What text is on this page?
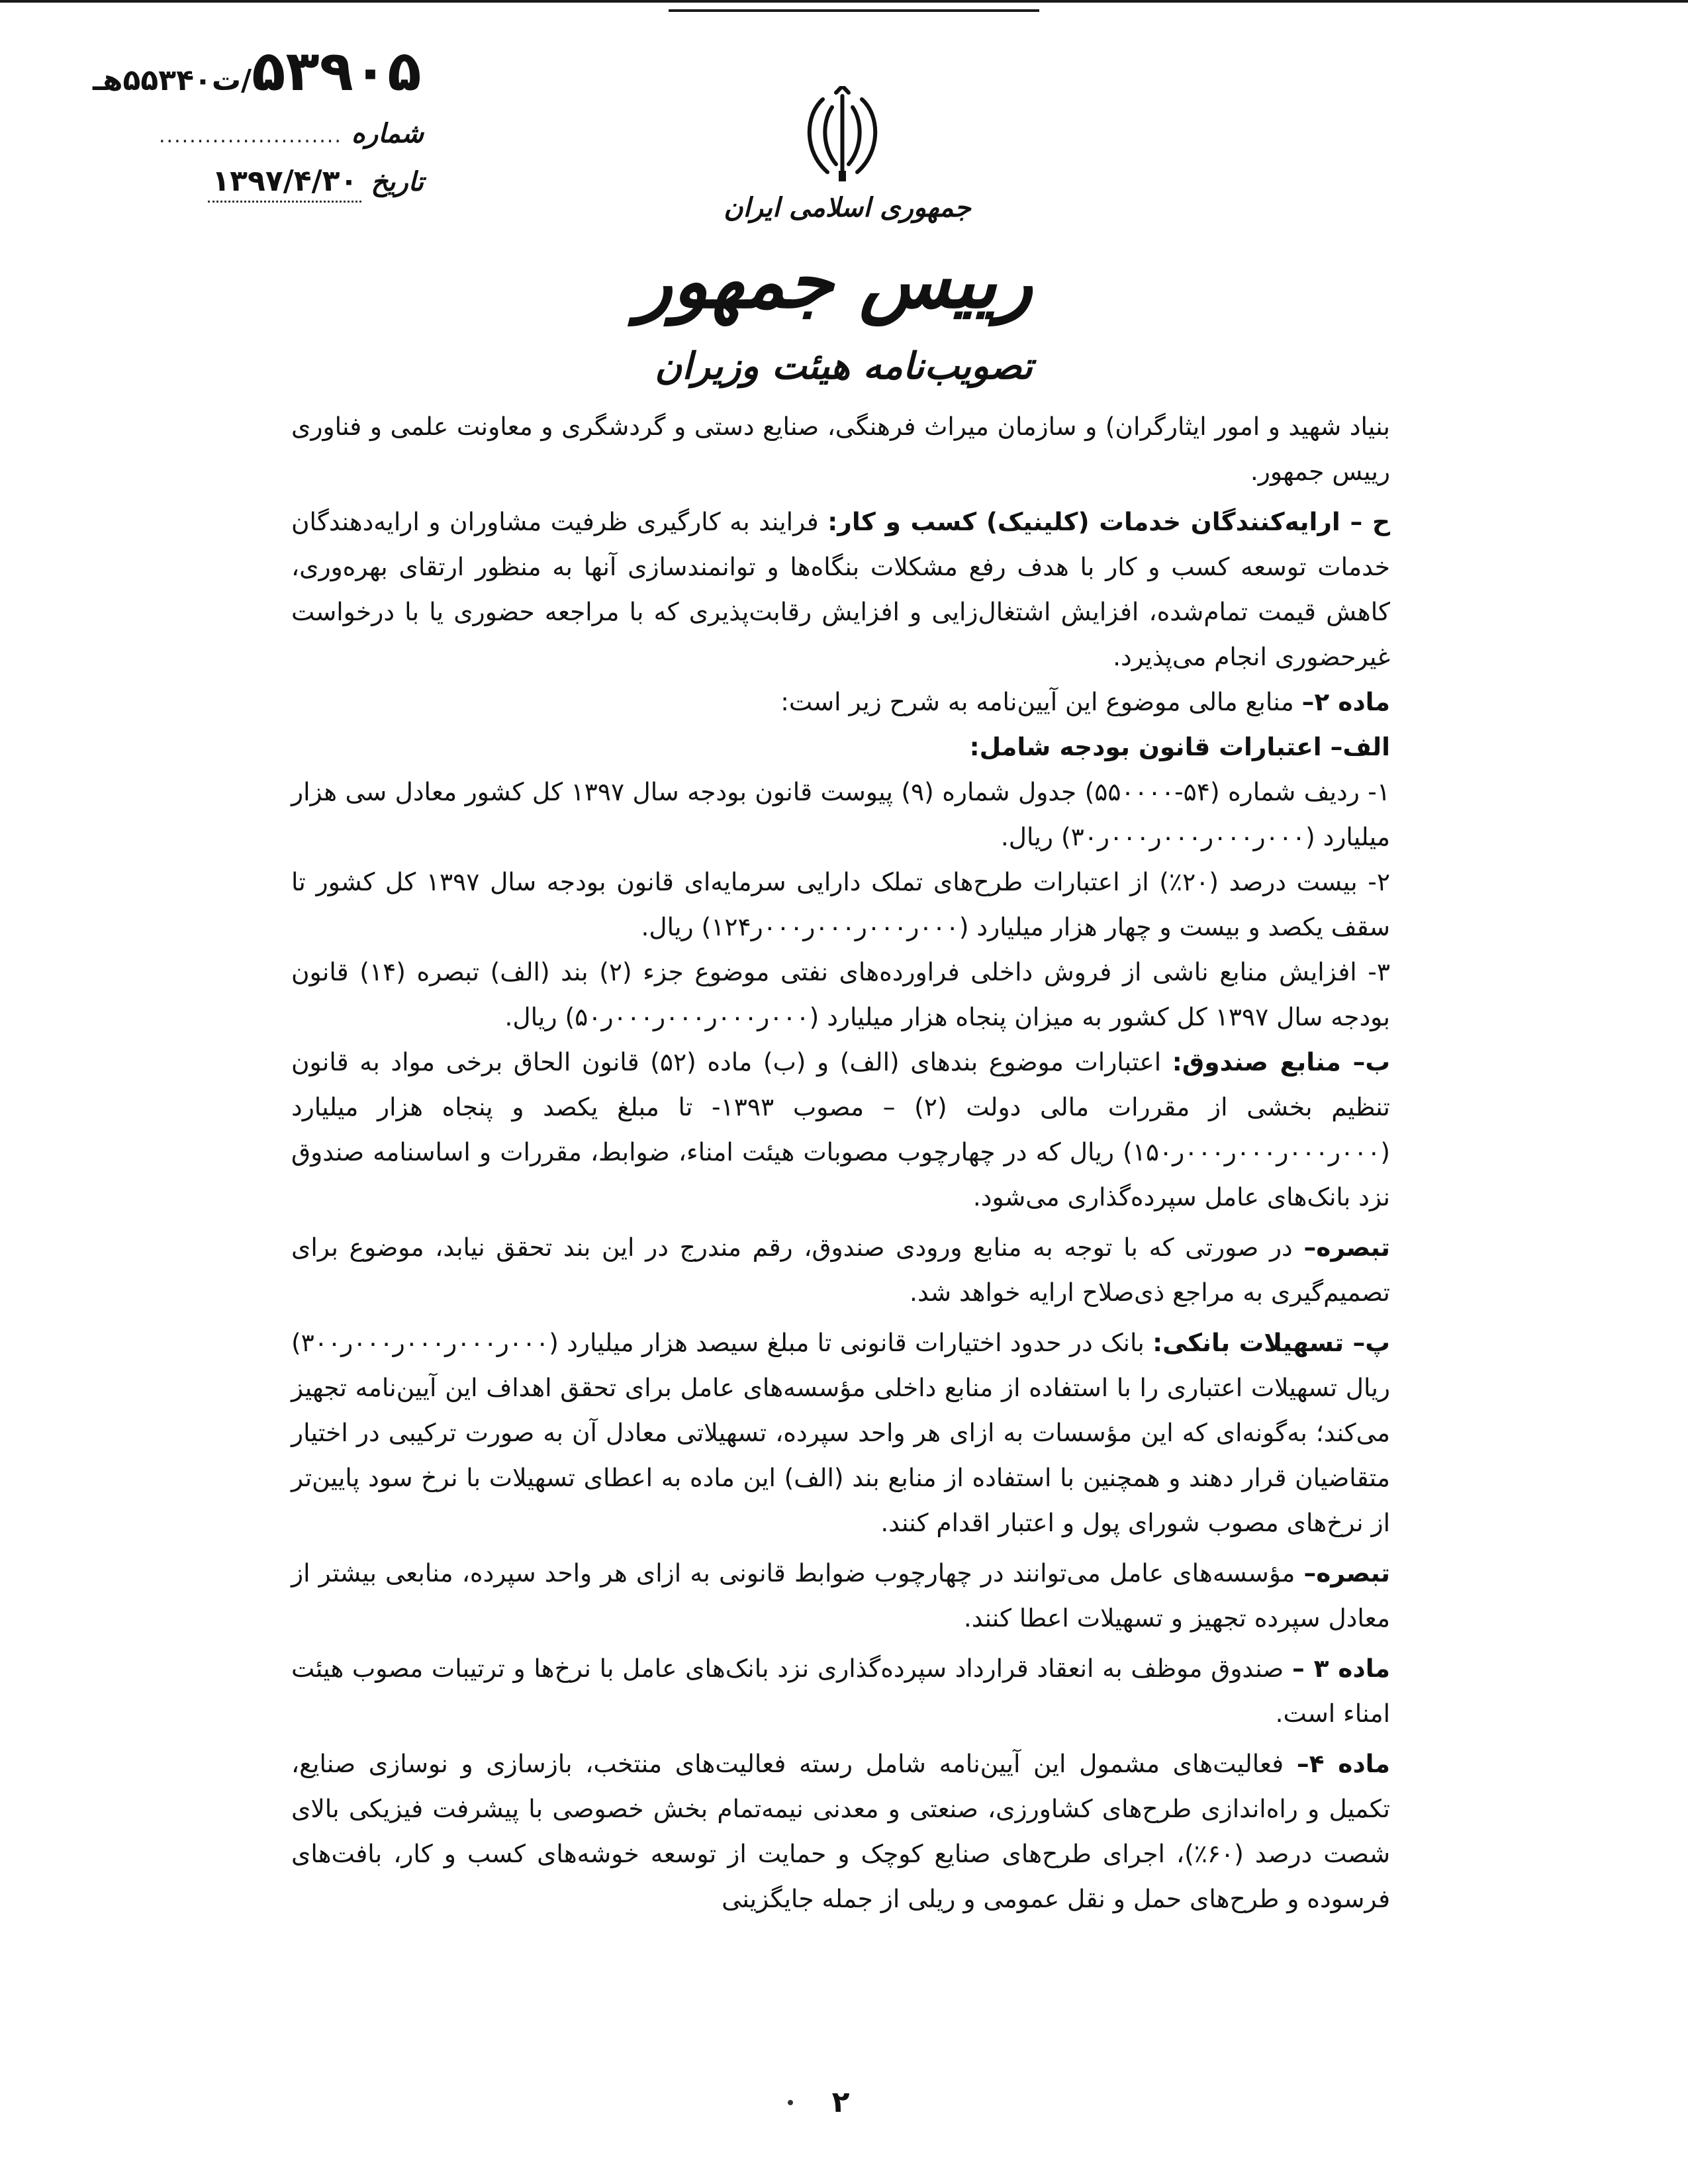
۵۳۹۰۵/ت۵۵۳۴۰هـ
شماره
........................
تاریخ
۱۳۹۷/۴/۳۰
جمهوری اسلامی ایران
رییس جمهور
تصویب‌نامه هیئت وزیران

بنیاد شهید و امور ایثارگران) و سازمان میراث فرهنگی، صنایع دستی و گردشگری و معاونت علمی و فناوری رییس جمهور.

ح – ارایه‌کنندگان خدمات (کلینیک) کسب و کار: فرایند به کارگیری ظرفیت مشاوران و ارایه‌دهندگان خدمات توسعه کسب و کار با هدف رفع مشکلات بنگاه‌ها و توانمندسازی آنها به منظور ارتقای بهره‌وری، کاهش قیمت تمام‌شده، افزایش اشتغال‌زایی و افزایش رقابت‌پذیری که با مراجعه حضوری یا با درخواست غیرحضوری انجام می‌پذیرد.

ماده ۲– منابع مالی موضوع این آیین‌نامه به شرح زیر است:

الف– اعتبارات قانون بودجه شامل:

۱- ردیف شماره (۵۴-۵۵۰۰۰۰) جدول شماره (۹) پیوست قانون بودجه سال ۱۳۹۷ کل کشور معادل سی هزار میلیارد (۰۰۰ر۰۰۰ر۰۰۰ر۰۰۰ر۳۰) ریال.

۲- بیست درصد (۲۰٪) از اعتبارات طرح‌های تملک دارایی سرمایه‌ای قانون بودجه سال ۱۳۹۷ کل کشور تا سقف یکصد و بیست و چهار هزار میلیارد (۰۰۰ر۰۰۰ر۰۰۰ر۰۰۰ر۱۲۴) ریال.

۳- افزایش منابع ناشی از فروش داخلی فراورده‌های نفتی موضوع جزء (۲) بند (الف) تبصره (۱۴) قانون بودجه سال ۱۳۹۷ کل کشور به میزان پنجاه هزار میلیارد (۰۰۰ر۰۰۰ر۰۰۰ر۰۰۰ر۵۰) ریال.

ب– منابع صندوق: اعتبارات موضوع بندهای (الف) و (ب) ماده (۵۲) قانون الحاق برخی مواد به قانون تنظیم بخشی از مقررات مالی دولت (۲) – مصوب ۱۳۹۳- تا مبلغ یکصد و پنجاه هزار میلیارد (۰۰۰ر۰۰۰ر۰۰۰ر۰۰۰ر۱۵۰) ریال که در چهارچوب مصوبات هیئت امناء، ضوابط، مقررات و اساسنامه صندوق نزد بانک‌های عامل سپرده‌گذاری می‌شود.

تبصره– در صورتی که با توجه به منابع ورودی صندوق، رقم مندرج در این بند تحقق نیابد، موضوع برای تصمیم‌گیری به مراجع ذی‌صلاح ارایه خواهد شد.

پ– تسهیلات بانکی: بانک در حدود اختیارات قانونی تا مبلغ سیصد هزار میلیارد (۰۰۰ر۰۰۰ر۰۰۰ر۰۰۰ر۳۰۰) ریال تسهیلات اعتباری را با استفاده از منابع داخلی مؤسسه‌های عامل برای تحقق اهداف این آیین‌نامه تجهیز می‌کند؛ به‌گونه‌ای که این مؤسسات به ازای هر واحد سپرده، تسهیلاتی معادل آن به صورت ترکیبی در اختیار متقاضیان قرار دهند و همچنین با استفاده از منابع بند (الف) این ماده به اعطای تسهیلات با نرخ سود پایین‌تر از نرخ‌های مصوب شورای پول و اعتبار اقدام کنند.

تبصره– مؤسسه‌های عامل می‌توانند در چهارچوب ضوابط قانونی به ازای هر واحد سپرده، منابعی بیشتر از معادل سپرده تجهیز و تسهیلات اعطا کنند.

ماده ۳ – صندوق موظف به انعقاد قرارداد سپرده‌گذاری نزد بانک‌های عامل با نرخ‌ها و ترتیبات مصوب هیئت امناء است.

ماده ۴– فعالیت‌های مشمول این آیین‌نامه شامل رسته فعالیت‌های منتخب، بازسازی و نوسازی صنایع، تکمیل و راه‌اندازی طرح‌های کشاورزی، صنعتی و معدنی نیمه‌تمام بخش خصوصی با پیشرفت فیزیکی بالای شصت درصد (۶۰٪)، اجرای طرح‌های صنایع کوچک و حمایت از توسعه خوشه‌های کسب و کار، بافت‌های فرسوده و طرح‌های حمل و نقل عمومی و ریلی از جمله جایگزینی

۲
